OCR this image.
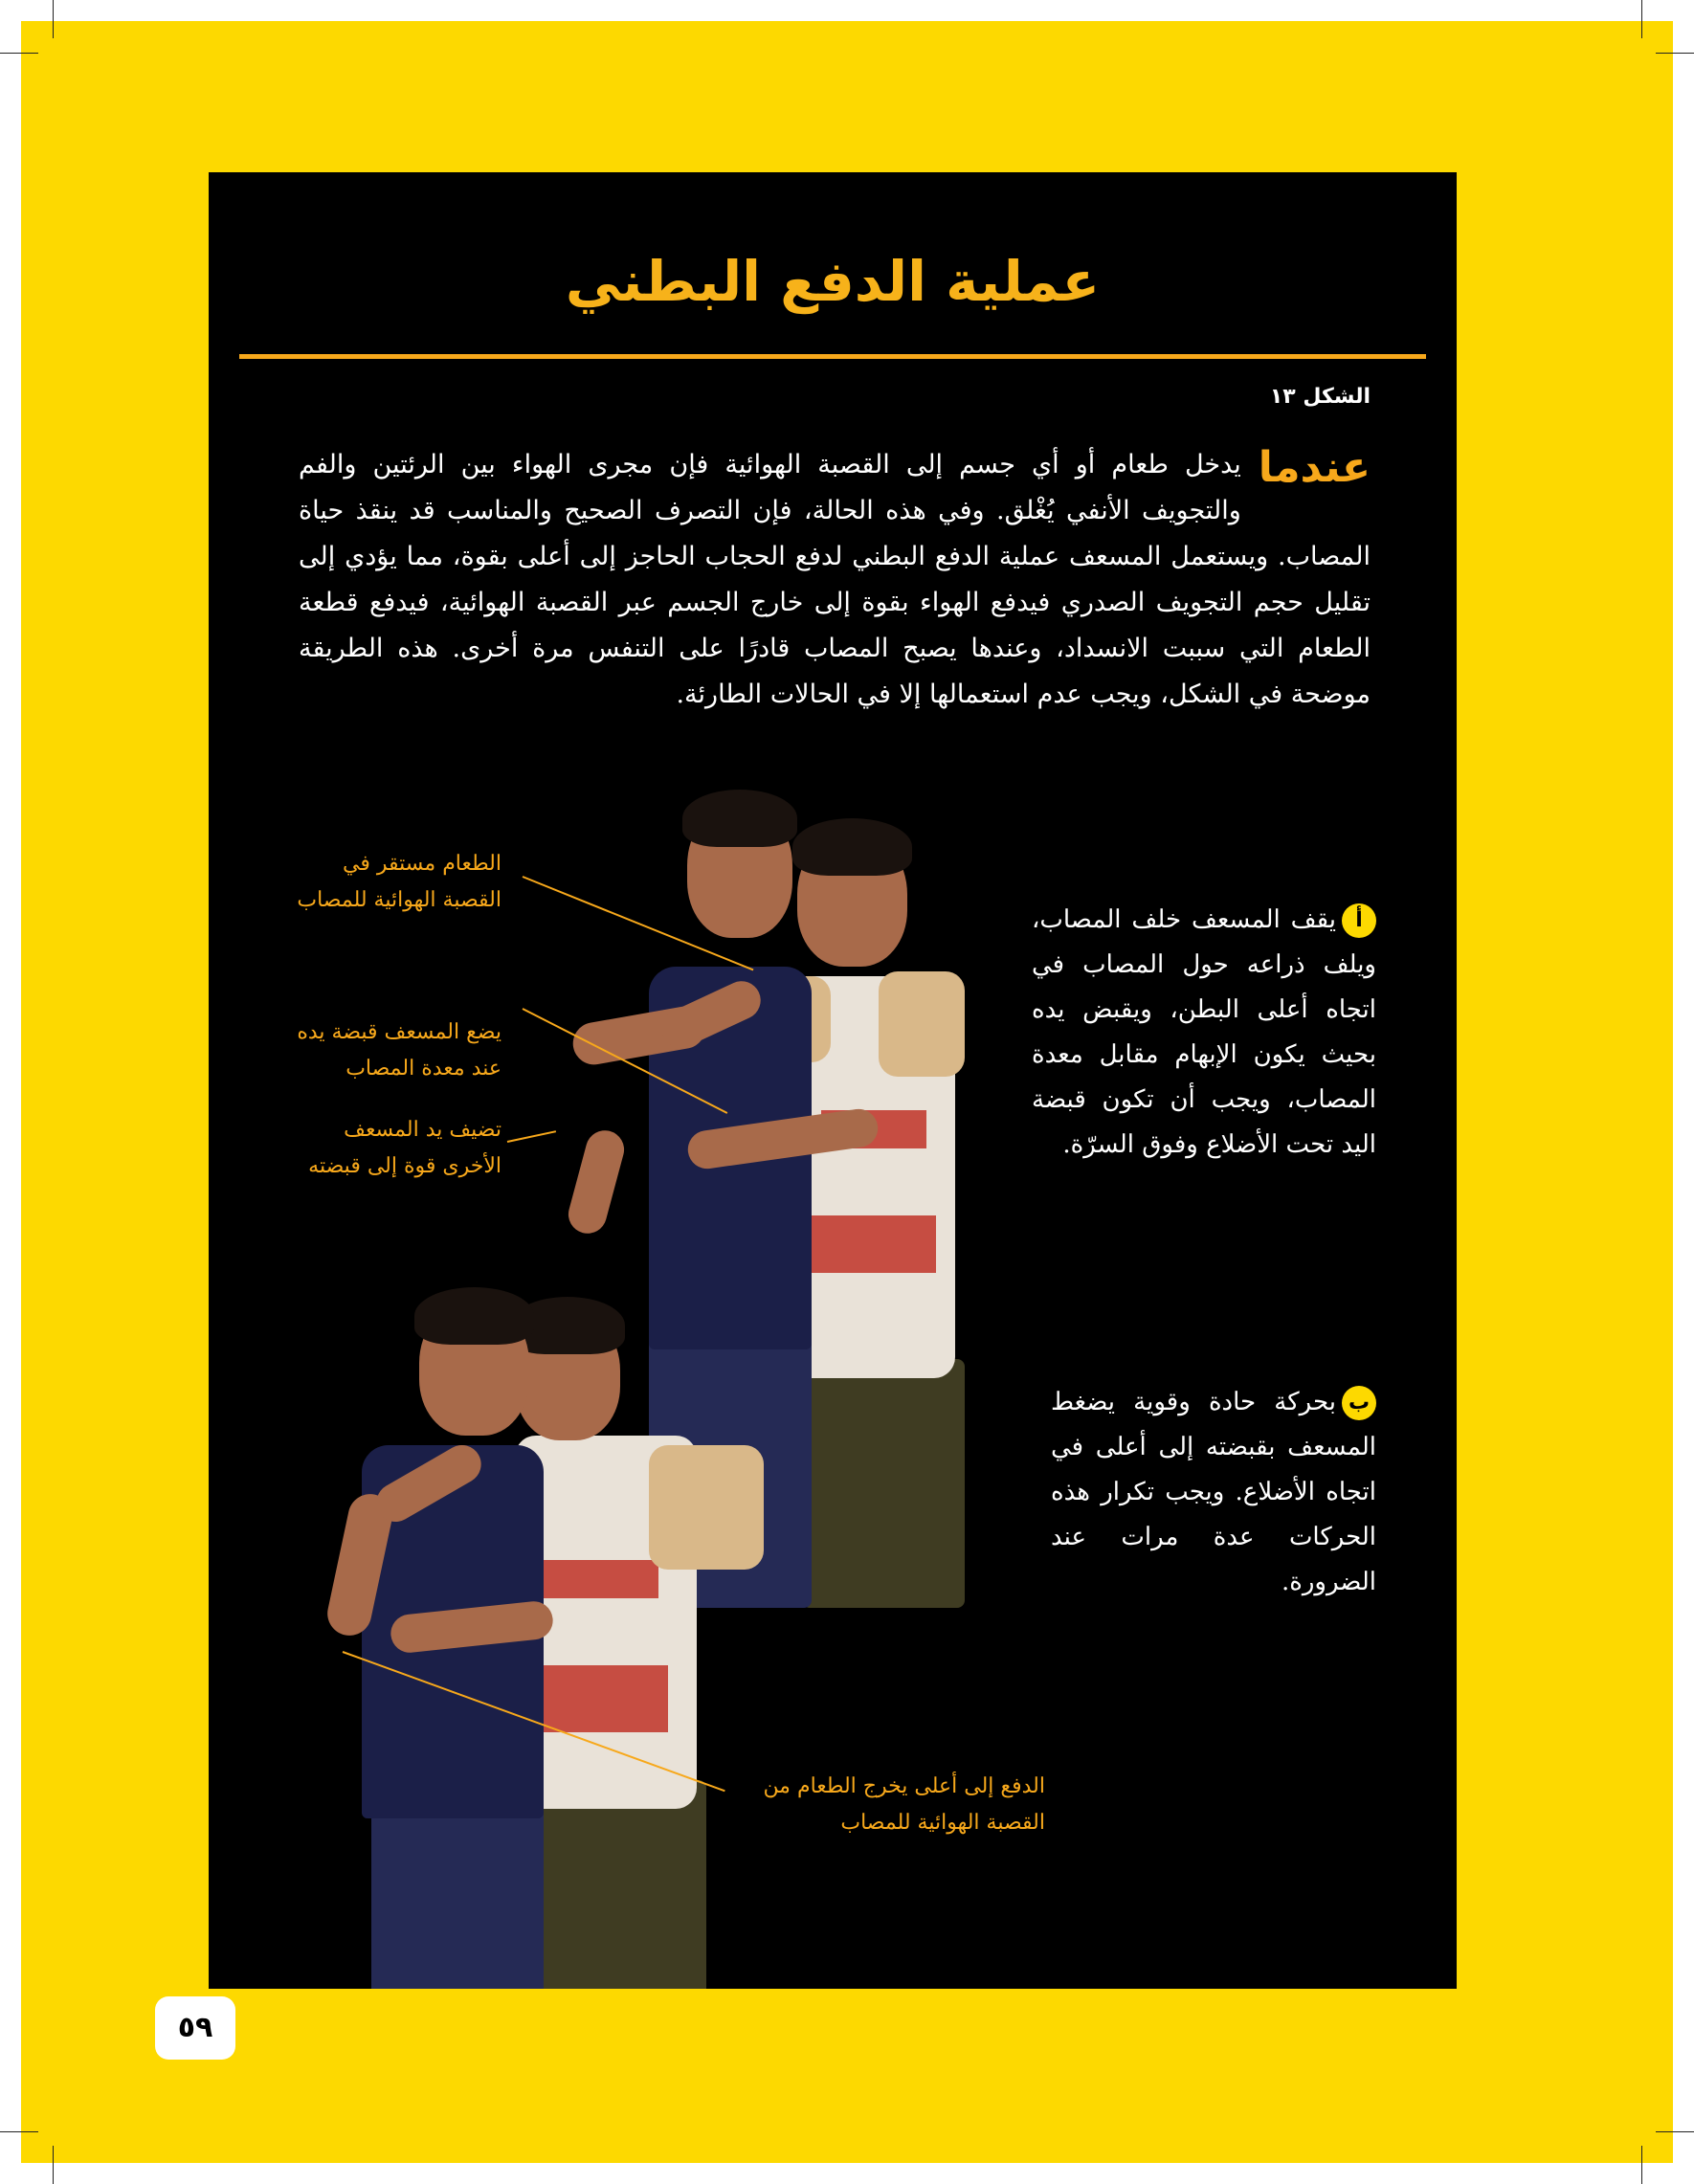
عملية الدفع البطني
الشكل ١٣
عندما
يدخل طعام أو أي جسم إلى القصبة الهوائية فإن مجرى الهواء بين الرئتين والفم والتجويف الأنفي يُغْلق. وفي هذه الحالة، فإن التصرف الصحيح والمناسب قد ينقذ حياة المصاب. ويستعمل المسعف عملية الدفع البطني لدفع الحجاب الحاجز إلى أعلى بقوة، مما يؤدي إلى تقليل حجم التجويف الصدري فيدفع الهواء بقوة إلى خارج الجسم عبر القصبة الهوائية، فيدفع قطعة الطعام التي سببت الانسداد، وعندها يصبح المصاب قادرًا على التنفس مرة أخرى. هذه الطريقة موضحة في الشكل، ويجب عدم استعمالها إلا في الحالات الطارئة.
الطعام مستقر في القصبة الهوائية للمصاب
يضع المسعف قبضة يده عند معدة المصاب
تضيف يد المسعف الأخرى قوة إلى قبضته
الدفع إلى أعلى يخرج الطعام من القصبة الهوائية للمصاب
أيقف المسعف خلف المصاب، ويلف ذراعه حول المصاب في اتجاه أعلى البطن، ويقبض يده بحيث يكون الإبهام مقابل معدة المصاب، ويجب أن تكون قبضة اليد تحت الأضلاع وفوق السرّة.
ببحركة حادة وقوية يضغط المسعف بقبضته إلى أعلى في اتجاه الأضلاع. ويجب تكرار هذه الحركات عدة مرات عند الضرورة.
٥٩
